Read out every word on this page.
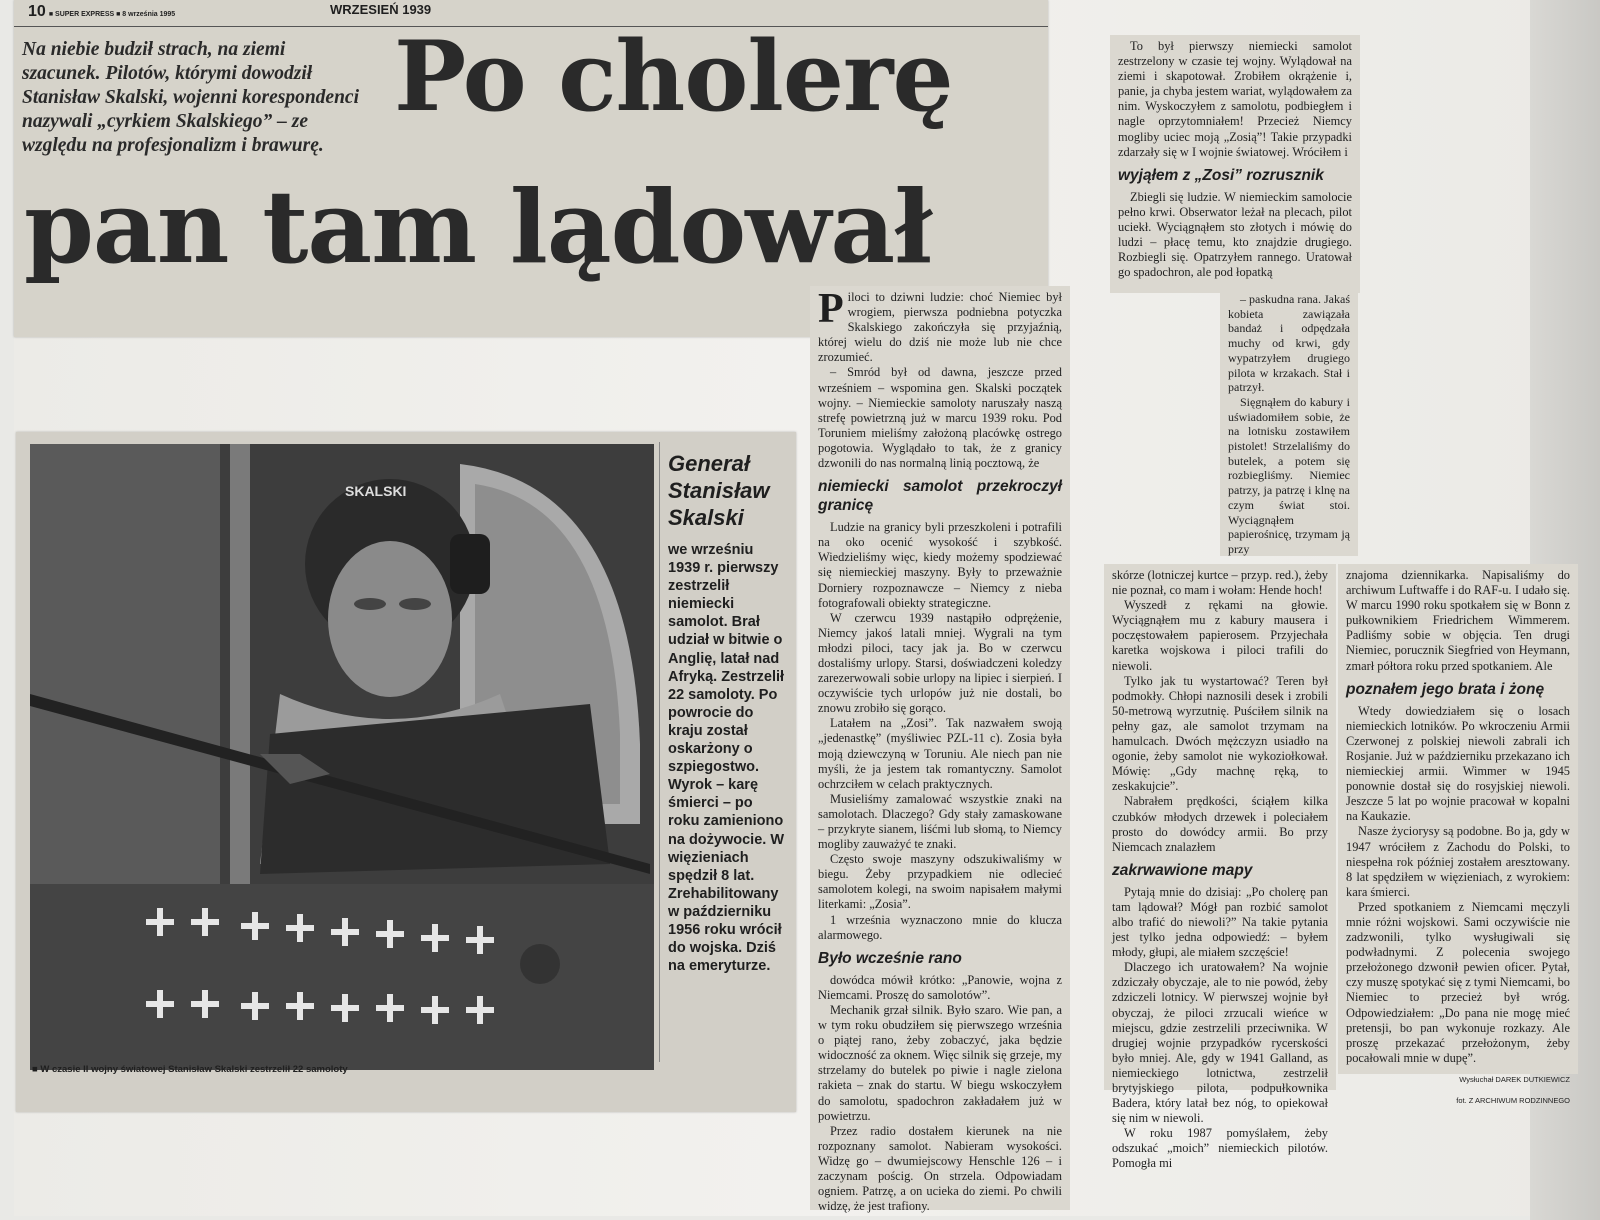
10 ■ SUPER EXPRESS ■ 8 września 1995	WRZESIEŃ 1939
Na niebie budził strach, na ziemi szacunek. Pilotów, którymi dowodził Stanisław Skalski, wojenni korespondenci nazywali „cyrkiem Skalskiego” – ze względu na profesjonalizm i brawurę.
Po cholerę
pan tam lądował
SKALSKI
■ W czasie II wojny światowej Stanisław Skalski zestrzelił 22 samoloty
Generał Stanisław Skalski
we wrześniu 1939 r. pierwszy zestrzelił niemiecki samolot. Brał udział w bitwie o Anglię, latał nad Afryką. Zestrzelił 22 samoloty. Po powrocie do kraju został oskarżony o szpiegostwo. Wyrok – karę śmierci – po roku zamieniono na dożywocie. W więzieniach spędził 8 lat. Zrehabilitowany w październiku 1956 roku wrócił do wojska. Dziś na emeryturze.

Piloci to dziwni ludzie: choć Niemiec był wrogiem, pierwsza podniebna potyczka Skalskiego zakończyła się przyjaźnią, której wielu do dziś nie może lub nie chce zrozumieć.

– Smród był od dawna, jeszcze przed wrześniem – wspomina gen. Skalski początek wojny. – Niemieckie samoloty naruszały naszą strefę powietrzną już w marcu 1939 roku. Pod Toruniem mieliśmy założoną placówkę ostrego pogotowia. Wyglądało to tak, że z granicy dzwonili do nas normalną linią pocztową, że

niemiecki samolot przekroczył granicę

Ludzie na granicy byli przeszkoleni i potrafili na oko ocenić wysokość i szybkość. Wiedzieliśmy więc, kiedy możemy spodziewać się niemieckiej maszyny. Były to przeważnie Dorniery rozpoznawcze – Niemcy z nieba fotografowali obiekty strategiczne.

W czerwcu 1939 nastąpiło odprężenie, Niemcy jakoś latali mniej. Wygrali na tym młodzi piloci, tacy jak ja. Bo w czerwcu dostaliśmy urlopy. Starsi, doświadczeni koledzy zarezerwowali sobie urlopy na lipiec i sierpień. I oczywiście tych urlopów już nie dostali, bo znowu zrobiło się gorąco.

Latałem na „Zosi”. Tak nazwałem swoją „jedenastkę” (myśliwiec PZL-11 c). Zosia była moją dziewczyną w Toruniu. Ale niech pan nie myśli, że ja jestem tak romantyczny. Samolot ochrzciłem w celach praktycznych.

Musieliśmy zamalować wszystkie znaki na samolotach. Dlaczego? Gdy stały zamaskowane – przykryte sianem, liśćmi lub słomą, to Niemcy mogliby zauważyć te znaki.

Często swoje maszyny odszukiwaliśmy w biegu. Żeby przypadkiem nie odlecieć samolotem kolegi, na swoim napisałem małymi literkami: „Zosia”.

1 września wyznaczono mnie do klucza alarmowego.

Było wcześnie rano

dowódca mówił krótko: „Panowie, wojna z Niemcami. Proszę do samolotów”.

Mechanik grzał silnik. Było szaro. Wie pan, a w tym roku obudziłem się pierwszego września o piątej rano, żeby zobaczyć, jaka będzie widoczność za oknem. Więc silnik się grzeje, my strzelamy do butelek po piwie i nagle zielona rakieta – znak do startu. W biegu wskoczyłem do samolotu, spadochron zakładałem już w powietrzu.

Przez radio dostałem kierunek na nie rozpoznany samolot. Nabieram wysokości. Widzę go – dwumiejscowy Henschle 126 – i zaczynam pościg. On strzela. Odpowiadam ogniem. Patrzę, a on ucieka do ziemi. Po chwili widzę, że jest trafiony.

To był pierwszy niemiecki samolot zestrzelony w czasie tej wojny. Wylądował na ziemi i skapotował. Zrobiłem okrążenie i, panie, ja chyba jestem wariat, wylądowałem za nim. Wyskoczyłem z samolotu, podbiegłem i nagle oprzytomniałem! Przecież Niemcy mogliby uciec moją „Zosią”! Takie przypadki zdarzały się w I wojnie światowej. Wróciłem i

wyjąłem z „Zosi” rozrusznik

Zbiegli się ludzie. W niemieckim samolocie pełno krwi. Obserwator leżał na plecach, pilot uciekł. Wyciągnąłem sto złotych i mówię do ludzi – płacę temu, kto znajdzie drugiego. Rozbiegli się. Opatrzyłem rannego. Uratował go spadochron, ale pod łopatką

– paskudna rana. Jakaś kobieta zawiązała bandaż i odpędzała muchy od krwi, gdy wypatrzyłem drugiego pilota w krzakach. Stał i patrzył.

Sięgnąłem do kabury i uświadomiłem sobie, że na lotnisku zostawiłem pistolet! Strzelaliśmy do butelek, a potem się rozbiegliśmy. Niemiec patrzy, ja patrzę i klnę na czym świat stoi. Wyciągnąłem papierośnicę, trzymam ją przy

skórze (lotniczej kurtce – przyp. red.), żeby nie poznał, co mam i wołam: Hende hoch!

Wyszedł z rękami na głowie. Wyciągnąłem mu z kabury mausera i poczęstowałem papierosem. Przyjechała karetka wojskowa i piloci trafili do niewoli.

Tylko jak tu wystartować? Teren był podmokły. Chłopi naznosili desek i zrobili 50-metrową wyrzutnię. Puściłem silnik na pełny gaz, ale samolot trzymam na hamulcach. Dwóch mężczyzn usiadło na ogonie, żeby samolot nie wykoziołkował. Mówię: „Gdy machnę ręką, to zeskakujcie”.

Nabrałem prędkości, ściąłem kilka czubków młodych drzewek i poleciałem prosto do dowódcy armii. Bo przy Niemcach znalazłem

zakrwawione mapy

Pytają mnie do dzisiaj: „Po cholerę pan tam lądował? Mógł pan rozbić samolot albo trafić do niewoli?” Na takie pytania jest tylko jedna odpowiedź: – byłem młody, głupi, ale miałem szczęście!

Dlaczego ich uratowałem? Na wojnie zdziczały obyczaje, ale to nie powód, żeby zdziczeli lotnicy. W pierwszej wojnie był obyczaj, że piloci zrzucali wieńce w miejscu, gdzie zestrzelili przeciwnika. W drugiej wojnie przypadków rycerskości było mniej. Ale, gdy w 1941 Galland, as niemieckiego lotnictwa, zestrzelił brytyjskiego pilota, podpułkownika Badera, który latał bez nóg, to opiekował się nim w niewoli.

W roku 1987 pomyślałem, żeby odszukać „moich” niemieckich pilotów. Pomogła mi

znajoma dziennikarka. Napisaliśmy do archiwum Luftwaffe i do RAF-u. I udało się. W marcu 1990 roku spotkałem się w Bonn z pułkownikiem Friedrichem Wimmerem. Padliśmy sobie w objęcia. Ten drugi Niemiec, porucznik Siegfried von Heymann, zmarł półtora roku przed spotkaniem. Ale

poznałem jego brata i żonę

Wtedy dowiedziałem się o losach niemieckich lotników. Po wkroczeniu Armii Czerwonej z polskiej niewoli zabrali ich Rosjanie. Już w październiku przekazano ich niemieckiej armii. Wimmer w 1945 ponownie dostał się do rosyjskiej niewoli. Jeszcze 5 lat po wojnie pracował w kopalni na Kaukazie.

Nasze życiorysy są podobne. Bo ja, gdy w 1947 wróciłem z Zachodu do Polski, to niespełna rok później zostałem aresztowany. 8 lat spędziłem w więzieniach, z wyrokiem: kara śmierci.

Przed spotkaniem z Niemcami męczyli mnie różni wojskowi. Sami oczywiście nie zadzwonili, tylko wysługiwali się podwładnymi. Z polecenia swojego przełożonego dzwonił pewien oficer. Pytał, czy muszę spotykać się z tymi Niemcami, bo Niemiec to przecież był wróg. Odpowiedziałem: „Do pana nie mogę mieć pretensji, bo pan wykonuje rozkazy. Ale proszę przekazać przełożonym, żeby pocałowali mnie w dupę”.

Wysłuchał DAREK DUTKIEWICZ
fot. Z ARCHIWUM RODZINNEGO
